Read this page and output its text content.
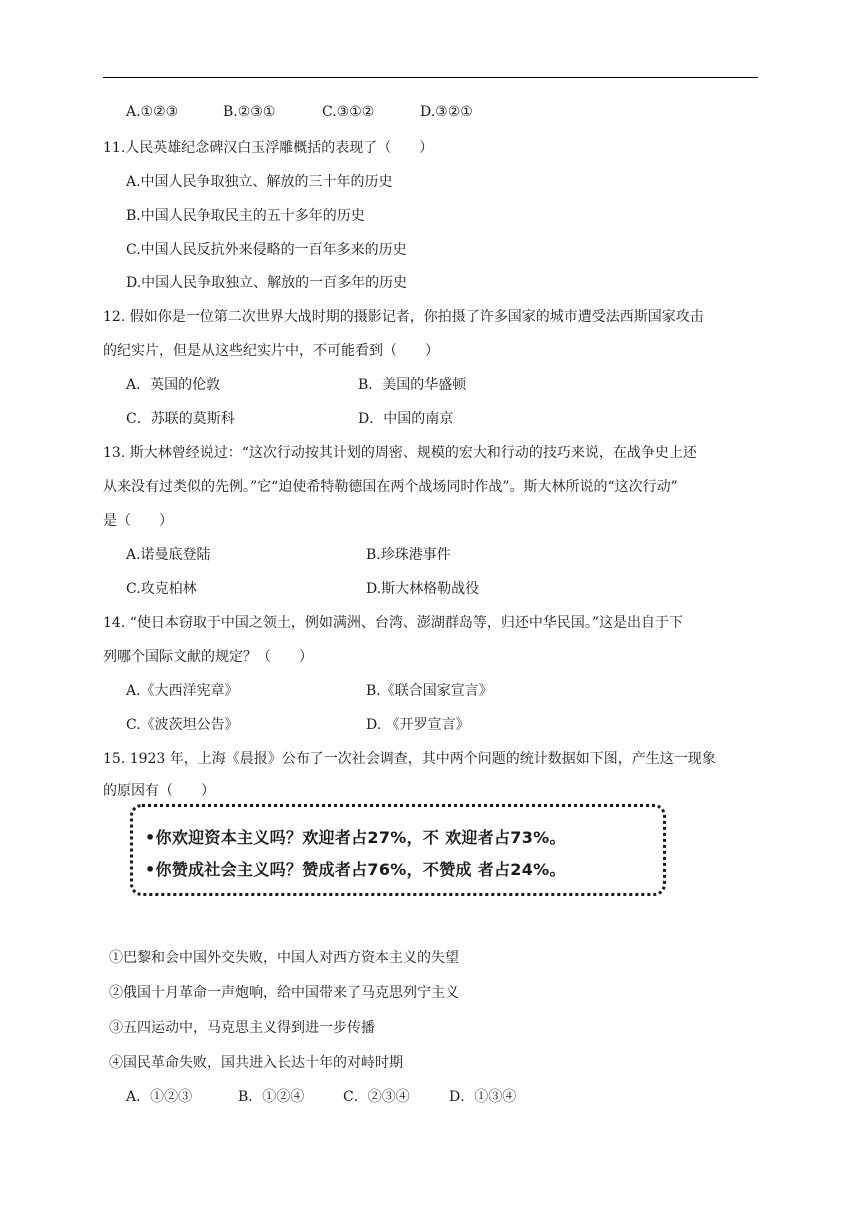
A.①②③	B.②③①	C.③①②	D.③②①
11.人民英雄纪念碑汉白玉浮雕概括的表现了（　　）
A.中国人民争取独立、解放的三十年的历史
B.中国人民争取民主的五十多年的历史
C.中国人民反抗外来侵略的一百年多来的历史
D.中国人民争取独立、解放的一百多年的历史
12. 假如你是一位第二次世界大战时期的摄影记者，你拍摄了许多国家的城市遭受法西斯国家攻击
的纪实片，但是从这些纪实片中，不可能看到（　　）
A．英国的伦敦	B．美国的华盛顿
C．苏联的莫斯科	D．中国的南京
13. 斯大林曾经说过：“这次行动按其计划的周密、规模的宏大和行动的技巧来说，在战争史上还
从来没有过类似的先例。”它“迫使希特勒德国在两个战场同时作战”。斯大林所说的“这次行动”
是（　　）
A.诺曼底登陆	B.珍珠港事件
C.攻克柏林	D.斯大林格勒战役
14. “使日本窃取于中国之领土，例如满洲、台湾、澎湖群岛等，归还中华民国。”这是出自于下
列哪个国际文献的规定？（　　）
A.《大西洋宪章》	B.《联合国家宣言》
C.《波茨坦公告》	D. 《开罗宣言》
15. 1923 年，上海《晨报》公布了一次社会调查，其中两个问题的统计数据如下图，产生这一现象
的原因有（　　）
•你欢迎资本主义吗？欢迎者占27%，不 欢迎者占73%。
•你赞成社会主义吗？赞成者占76%，不赞成 者占24%。
①巴黎和会中国外交失败，中国人对西方资本主义的失望
②俄国十月革命一声炮响，给中国带来了马克思列宁主义
③五四运动中，马克思主义得到进一步传播
④国民革命失败，国共进入长达十年的对峙时期
A．①②③	B．①②④	C．②③④	D．①③④
